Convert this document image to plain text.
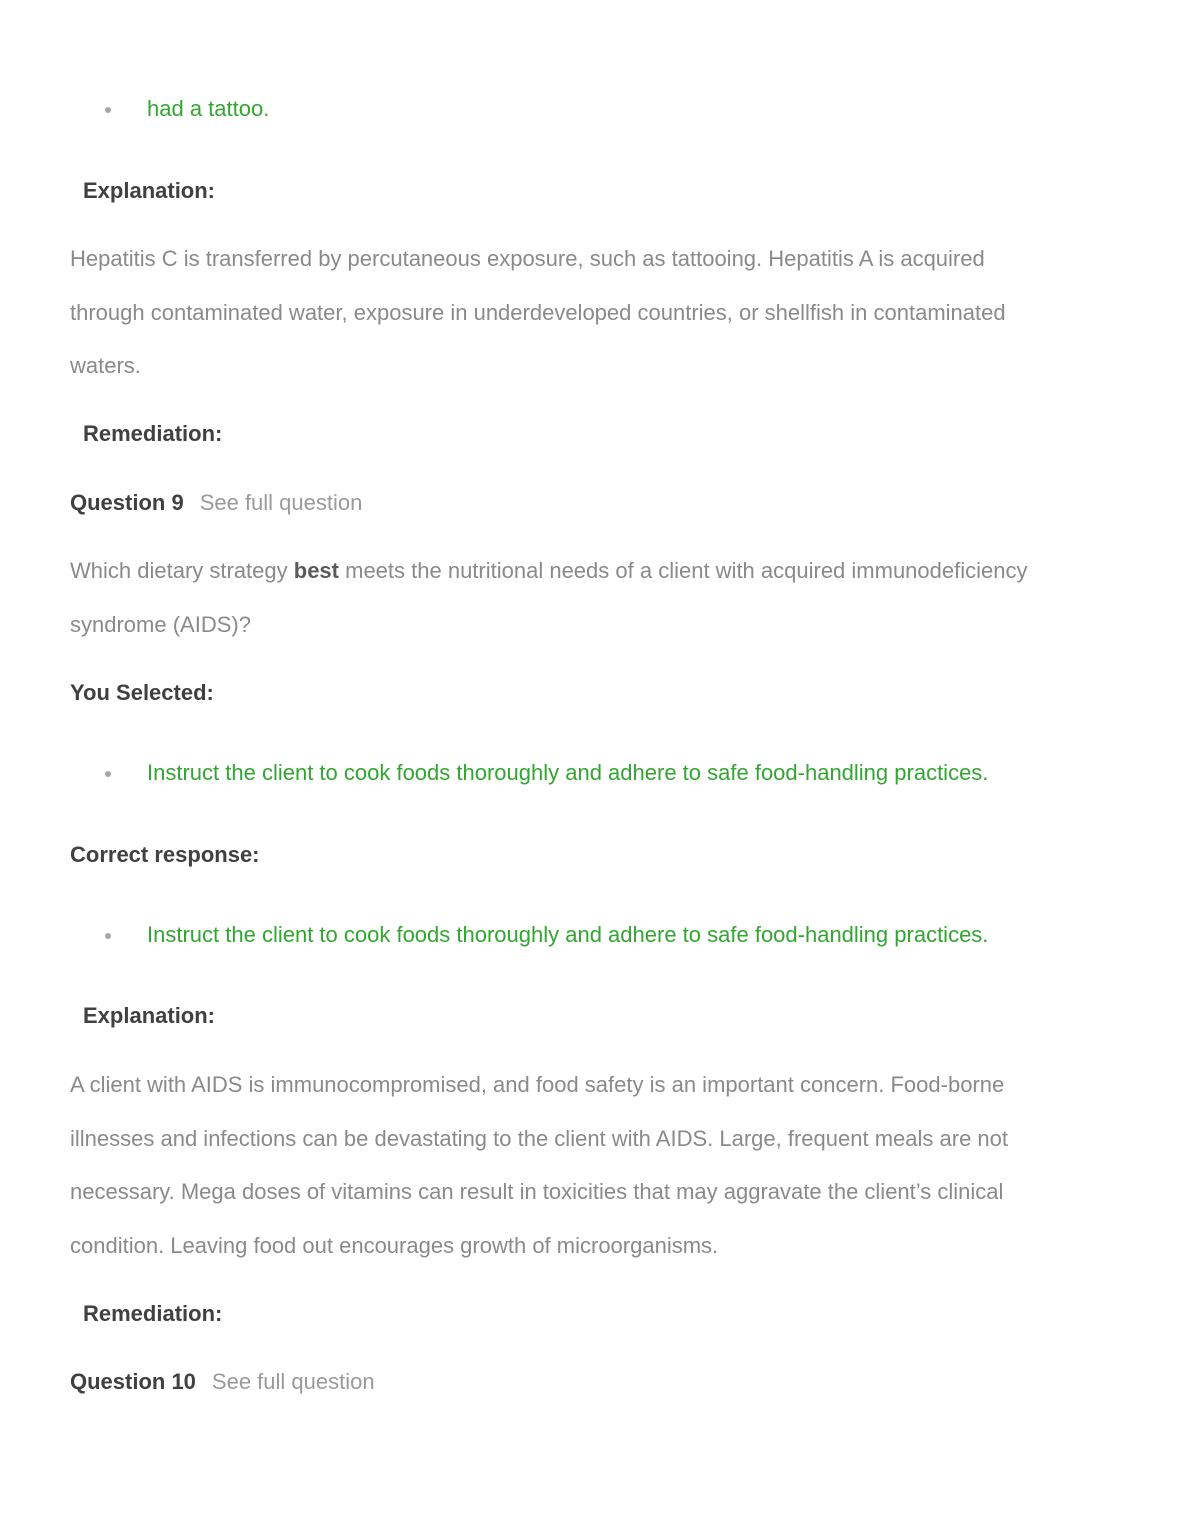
had a tattoo.
Explanation:
Hepatitis C is transferred by percutaneous exposure, such as tattooing. Hepatitis A is acquired
through contaminated water, exposure in underdeveloped countries, or shellfish in contaminated
waters.
Remediation:
Question 9 See full question
Which dietary strategy best meets the nutritional needs of a client with acquired immunodeficiency
syndrome (AIDS)?
You Selected:
Instruct the client to cook foods thoroughly and adhere to safe food-handling practices.
Correct response:
Instruct the client to cook foods thoroughly and adhere to safe food-handling practices.
Explanation:
A client with AIDS is immunocompromised, and food safety is an important concern. Food-borne
illnesses and infections can be devastating to the client with AIDS. Large, frequent meals are not
necessary. Mega doses of vitamins can result in toxicities that may aggravate the client’s clinical
condition. Leaving food out encourages growth of microorganisms.
Remediation:
Question 10 See full question
